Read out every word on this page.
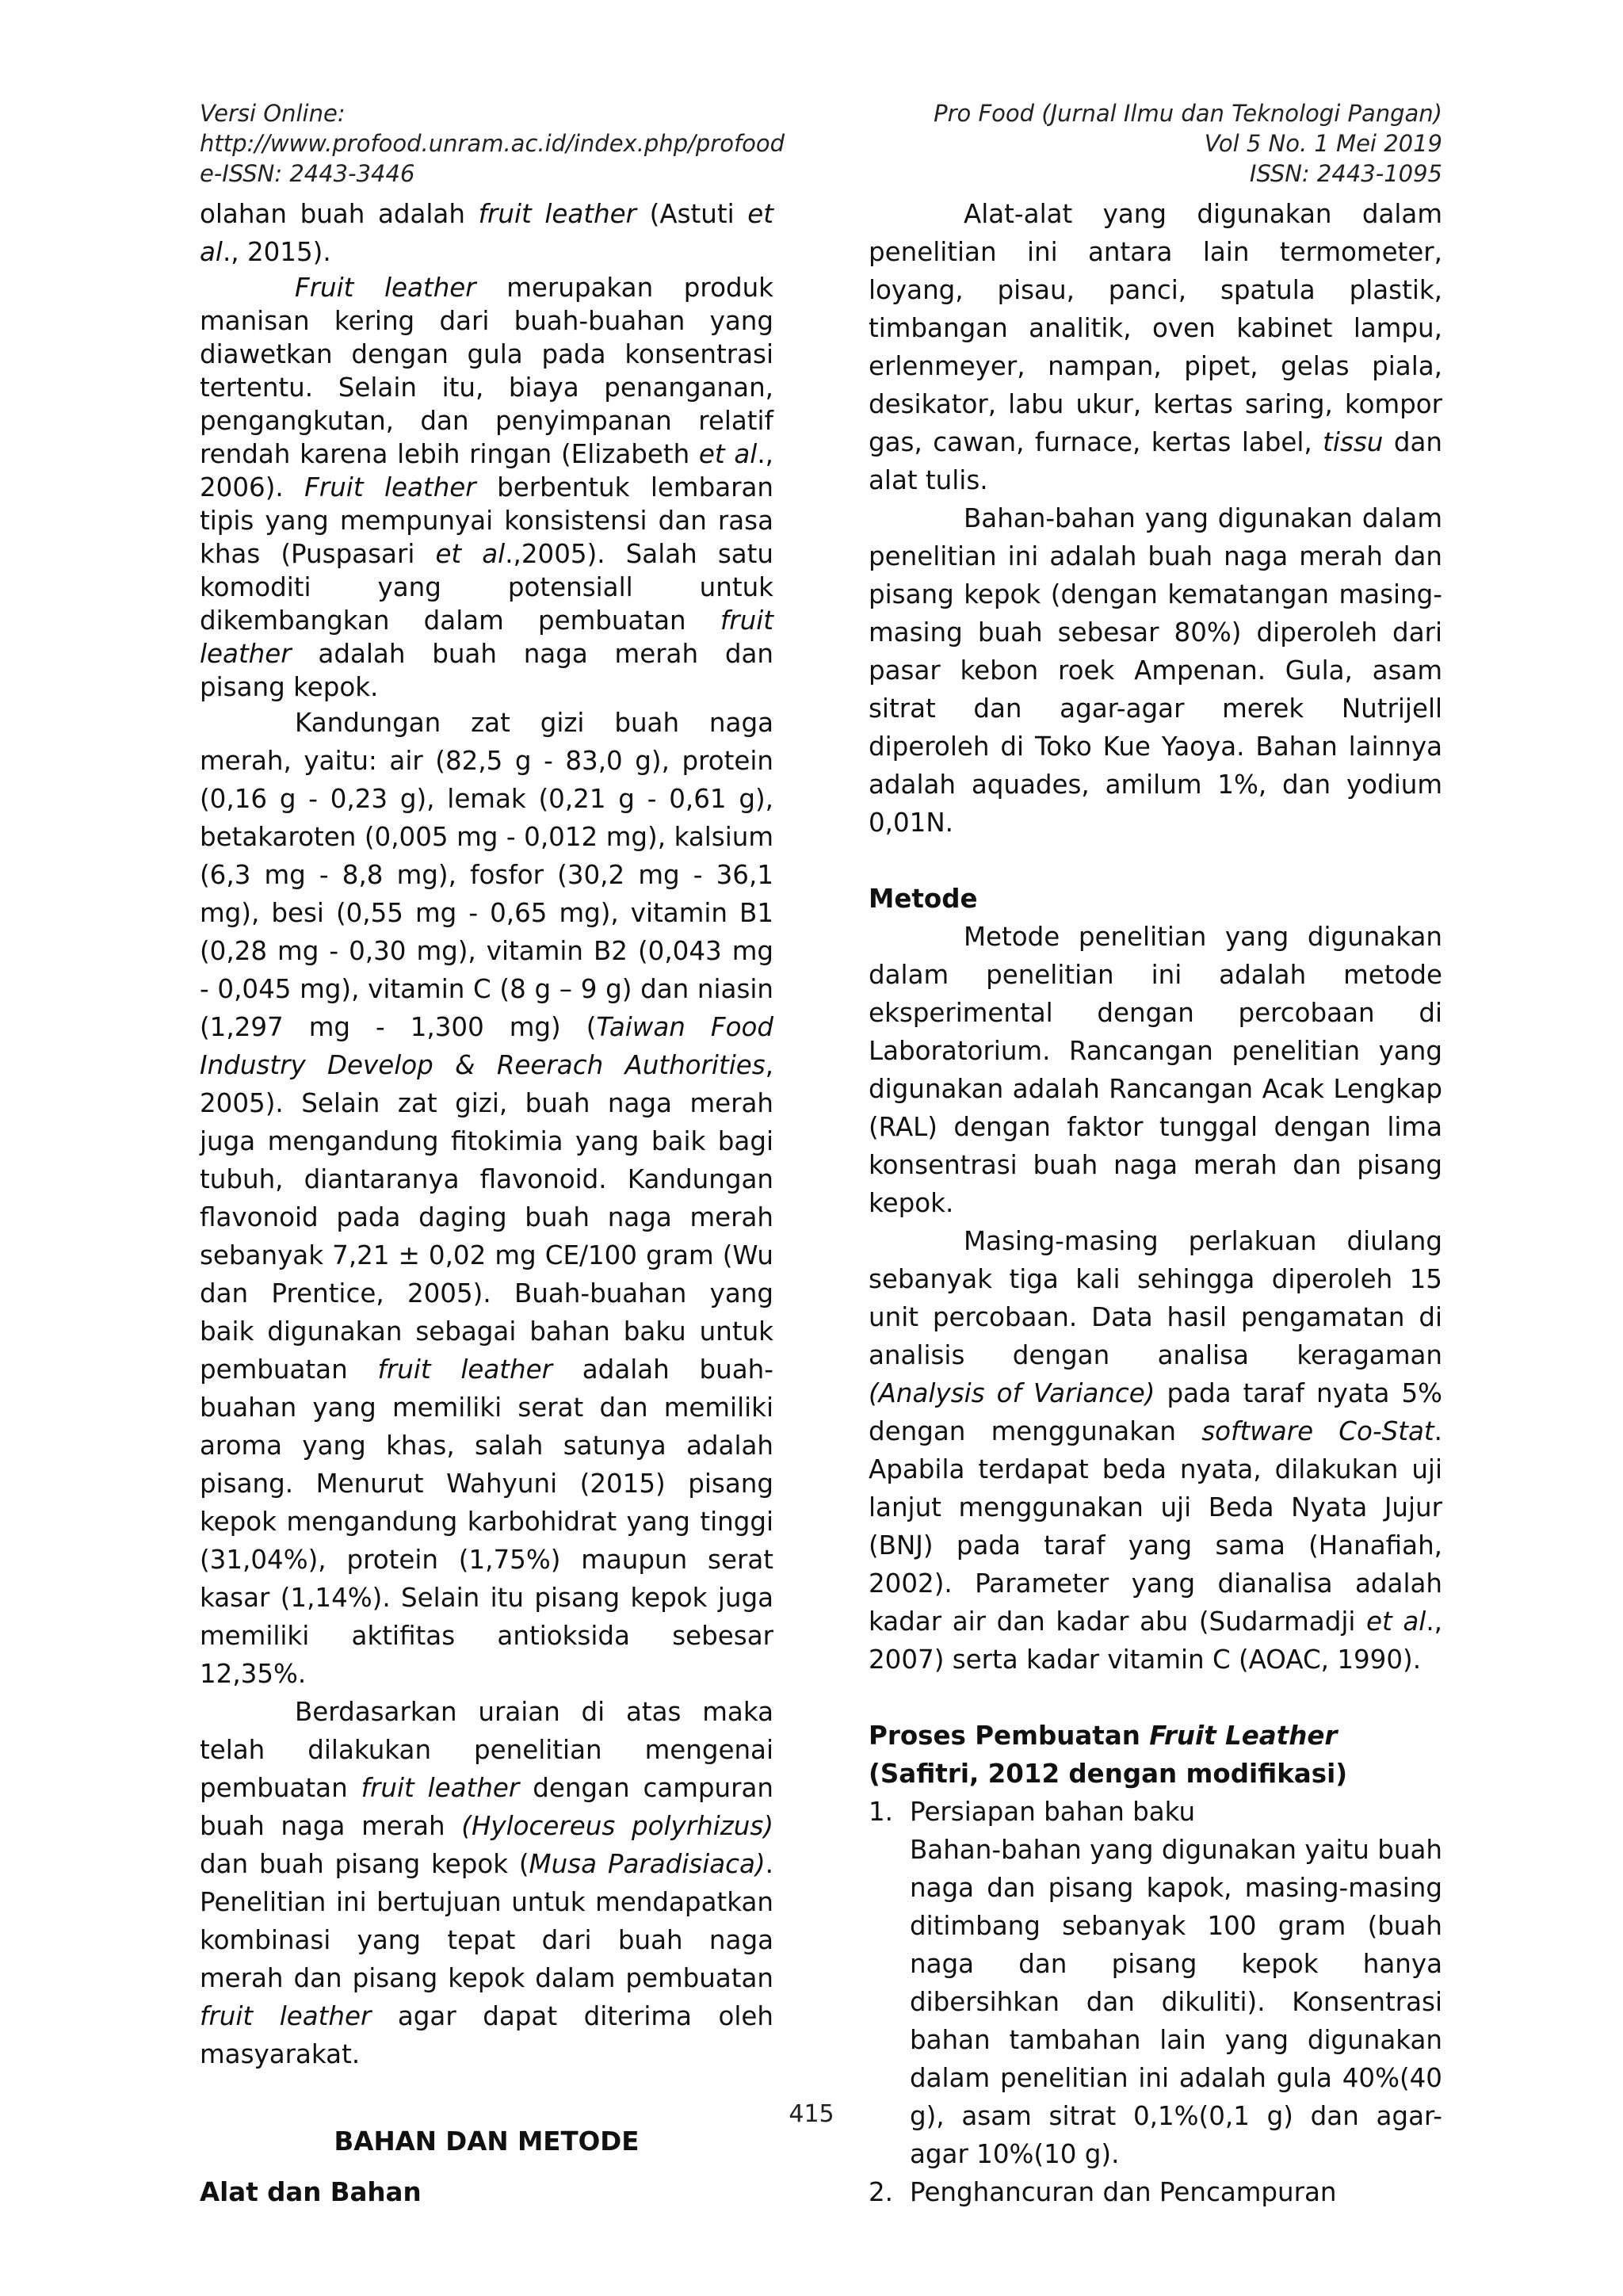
Versi Online:
http://www.profood.unram.ac.id/index.php/profood
e-ISSN: 2443-3446
Pro Food (Jurnal Ilmu dan Teknologi Pangan)
Vol 5 No. 1 Mei 2019
ISSN: 2443-1095

olahan buah adalah fruit leather (Astuti et al., 2015).

Fruit leather merupakan produk manisan kering dari buah-buahan yang diawetkan dengan gula pada konsentrasi tertentu. Selain itu, biaya penanganan, pengangkutan, dan penyimpanan relatif rendah karena lebih ringan (Elizabeth et al., 2006). Fruit leather berbentuk lembaran tipis yang mempunyai konsistensi dan rasa khas (Puspasari et al.,2005). Salah satu komoditi yang potensiall untuk dikembangkan dalam pembuatan fruit leather adalah buah naga merah dan pisang kepok.

Kandungan zat gizi buah naga merah, yaitu: air (82,5 g - 83,0 g), protein (0,16 g - 0,23 g), lemak (0,21 g - 0,61 g), betakaroten (0,005 mg - 0,012 mg), kalsium (6,3 mg - 8,8 mg), fosfor (30,2 mg - 36,1 mg), besi (0,55 mg - 0,65 mg), vitamin B1 (0,28 mg - 0,30 mg), vitamin B2 (0,043 mg - 0,045 mg), vitamin C (8 g – 9 g) dan niasin (1,297 mg - 1,300 mg) (Taiwan Food Industry Develop & Reerach Authorities, 2005). Selain zat gizi, buah naga merah juga mengandung fitokimia yang baik bagi tubuh, diantaranya flavonoid. Kandungan flavonoid pada daging buah naga merah sebanyak 7,21 ± 0,02 mg CE/100 gram (Wu dan Prentice, 2005). Buah-buahan yang baik digunakan sebagai bahan baku untuk pembuatan fruit leather adalah buah-buahan yang memiliki serat dan memiliki aroma yang khas, salah satunya adalah pisang. Menurut Wahyuni (2015) pisang kepok mengandung karbohidrat yang tinggi (31,04%), protein (1,75%) maupun serat kasar (1,14%). Selain itu pisang kepok juga memiliki aktifitas antioksida sebesar 12,35%.

Berdasarkan uraian di atas maka telah dilakukan penelitian mengenai pembuatan fruit leather dengan campuran buah naga merah (Hylocereus polyrhizus) dan buah pisang kepok (Musa Paradisiaca). Penelitian ini bertujuan untuk mendapatkan kombinasi yang tepat dari buah naga merah dan pisang kepok dalam pembuatan fruit leather agar dapat diterima oleh masyarakat.

BAHAN DAN METODE
Alat dan Bahan

Alat-alat yang digunakan dalam penelitian ini antara lain termometer, loyang, pisau, panci, spatula plastik, timbangan analitik, oven kabinet lampu, erlenmeyer, nampan, pipet, gelas piala, desikator, labu ukur, kertas saring, kompor gas, cawan, furnace, kertas label, tissu dan alat tulis.

Bahan-bahan yang digunakan dalam penelitian ini adalah buah naga merah dan pisang kepok (dengan kematangan masing-masing buah sebesar 80%) diperoleh dari pasar kebon roek Ampenan. Gula, asam sitrat dan agar-agar merek Nutrijell diperoleh di Toko Kue Yaoya. Bahan lainnya adalah aquades, amilum 1%, dan yodium 0,01N.

Metode

Metode penelitian yang digunakan dalam penelitian ini adalah metode eksperimental dengan percobaan di Laboratorium. Rancangan penelitian yang digunakan adalah Rancangan Acak Lengkap (RAL) dengan faktor tunggal dengan lima konsentrasi buah naga merah dan pisang kepok.

Masing-masing perlakuan diulang sebanyak tiga kali sehingga diperoleh 15 unit percobaan. Data hasil pengamatan di analisis dengan analisa keragaman (Analysis of Variance) pada taraf nyata 5% dengan menggunakan software Co-Stat. Apabila terdapat beda nyata, dilakukan uji lanjut menggunakan uji Beda Nyata Jujur (BNJ) pada taraf yang sama (Hanafiah, 2002). Parameter yang dianalisa adalah kadar air dan kadar abu (Sudarmadji et al., 2007) serta kadar vitamin C (AOAC, 1990).

Proses Pembuatan Fruit Leather (Safitri, 2012 dengan modifikasi)
1. Persiapan bahan baku
Bahan-bahan yang digunakan yaitu buah naga dan pisang kapok, masing-masing ditimbang sebanyak 100 gram (buah naga dan pisang kepok hanya dibersihkan dan dikuliti). Konsentrasi bahan tambahan lain yang digunakan dalam penelitian ini adalah gula 40%(40 g), asam sitrat 0,1%(0,1 g) dan agar-agar 10%(10 g).
2. Penghancuran dan Pencampuran
415
